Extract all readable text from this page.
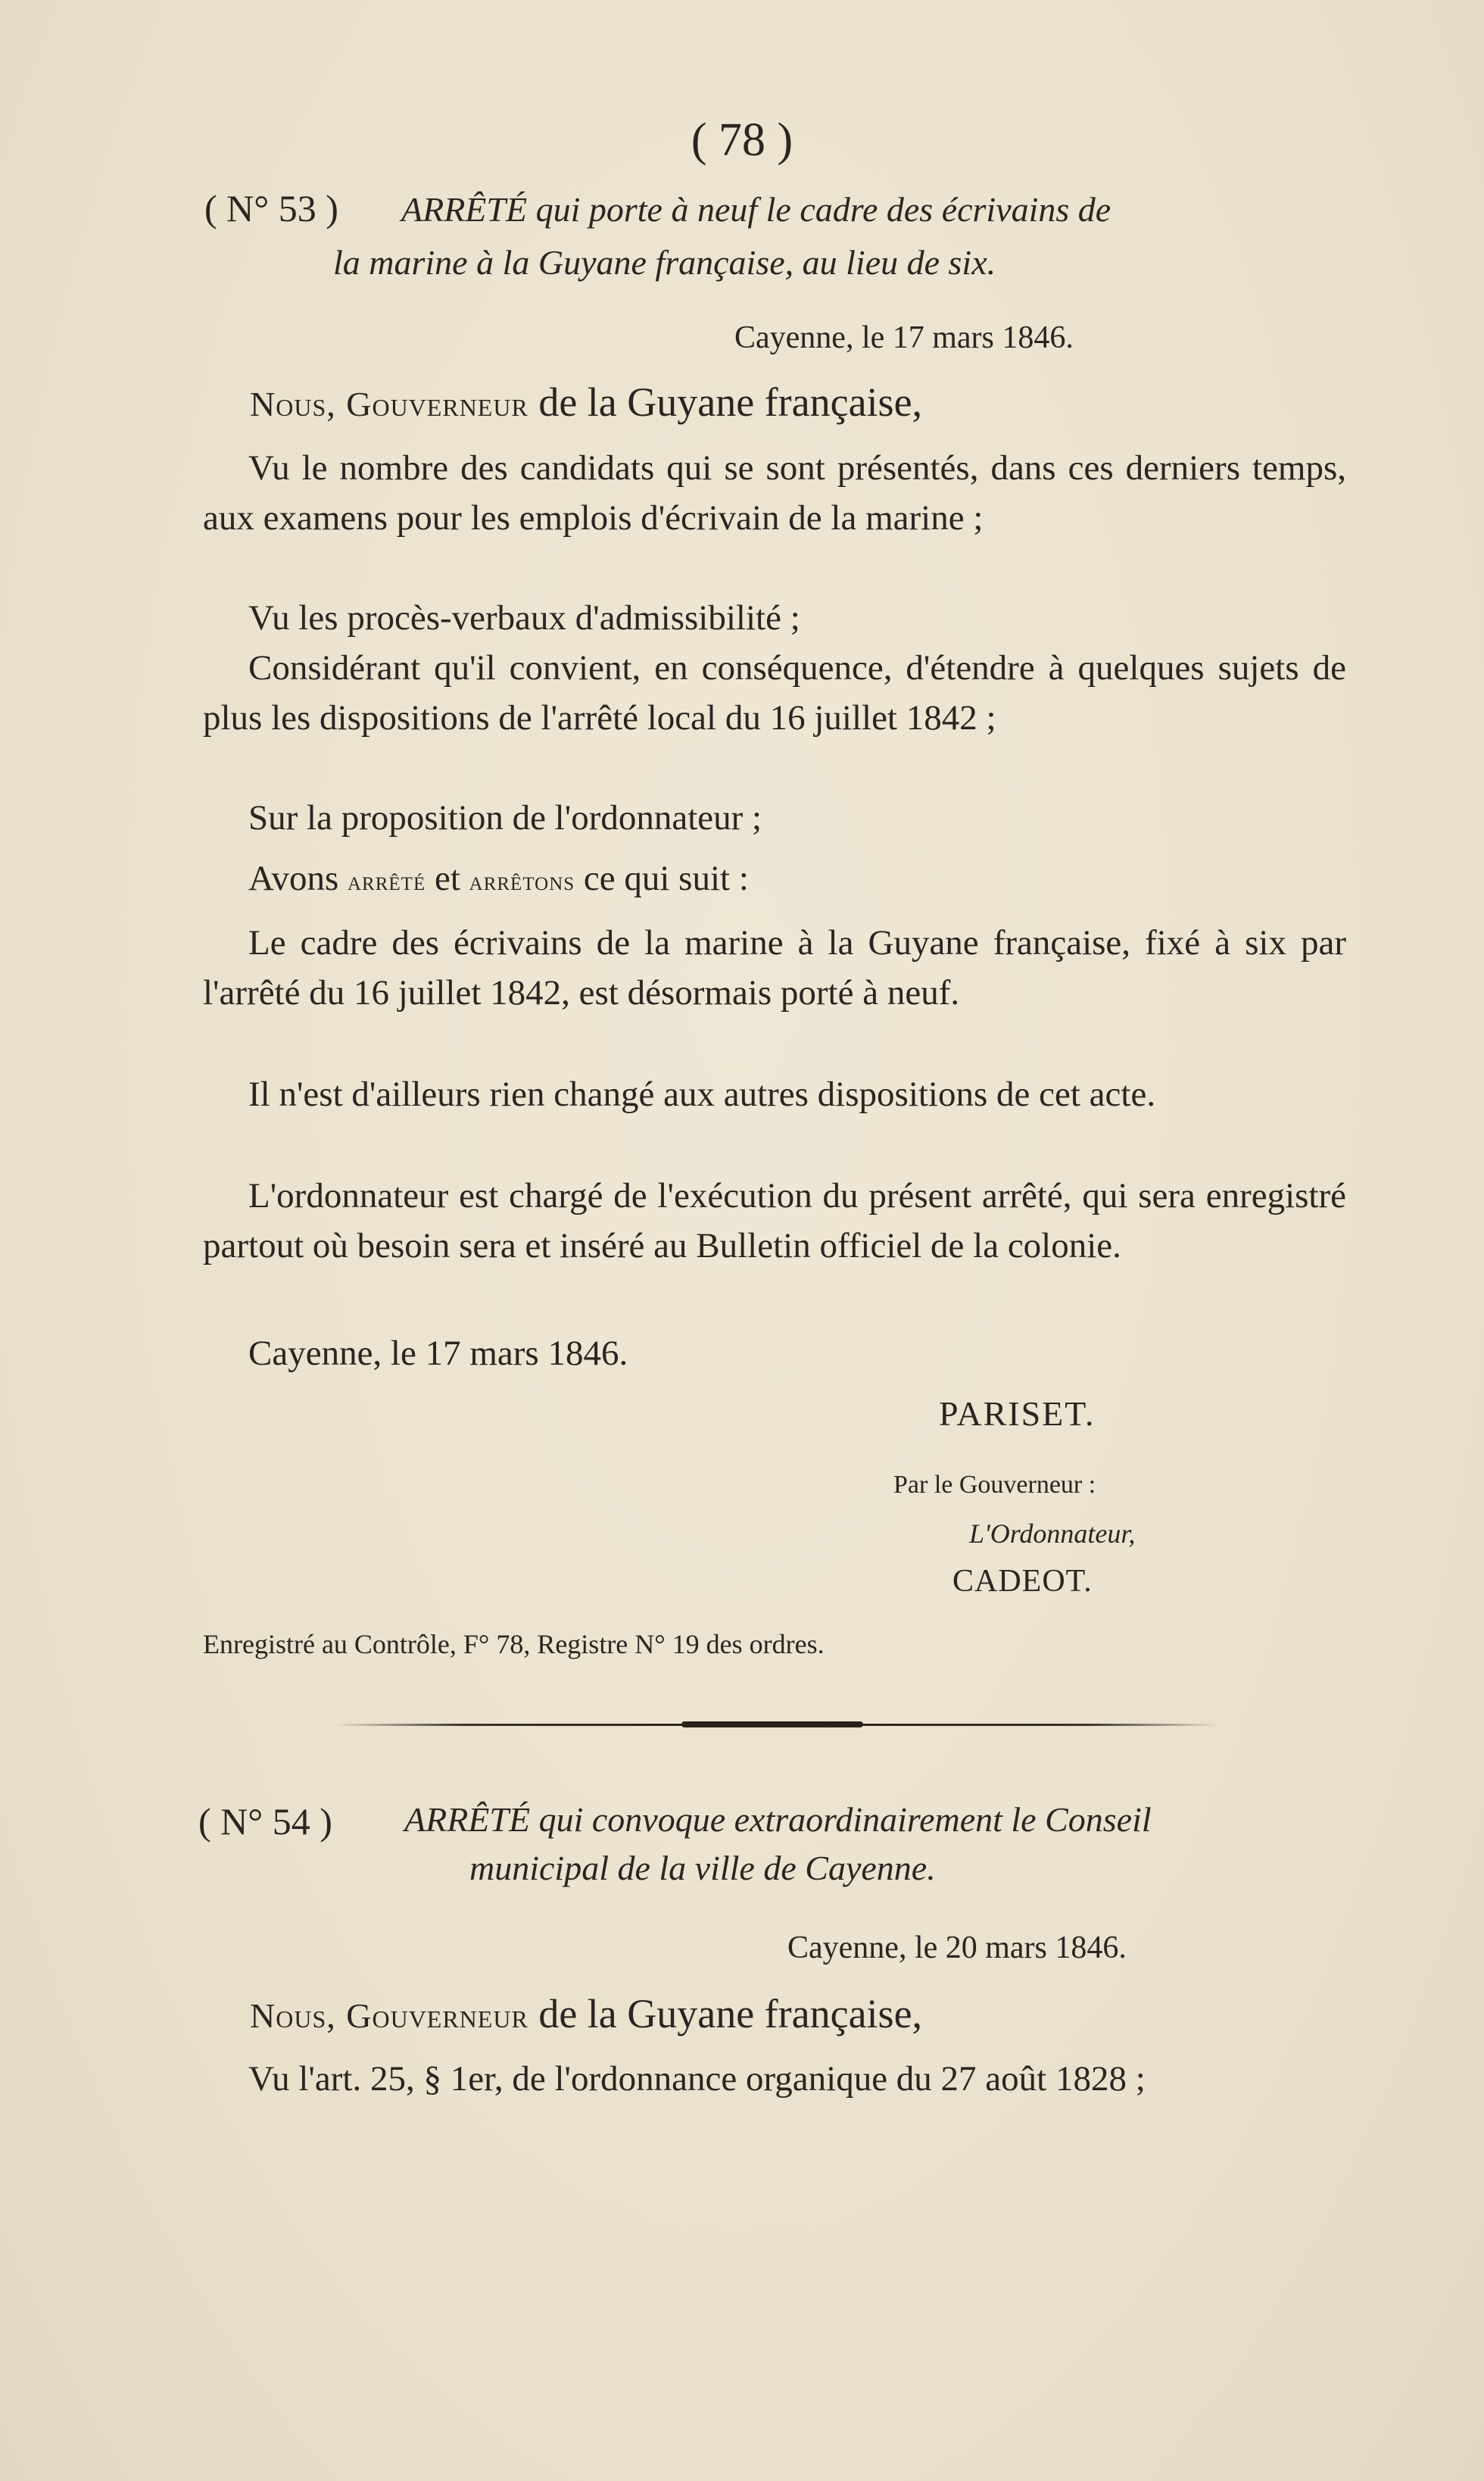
( 78 )
( N° 53 ) ARRÊTÉ qui porte à neuf le cadre des écrivains de
la marine à la Guyane française, au lieu de six.
Cayenne, le 17 mars 1846.
Nous, Gouverneur de la Guyane française,
Vu le nombre des candidats qui se sont présentés, dans ces derniers temps, aux examens pour les emplois d'écrivain de la marine ;
Vu les procès-verbaux d'admissibilité ;
Considérant qu'il convient, en conséquence, d'étendre à quelques sujets de plus les dispositions de l'arrêté local du 16 juillet 1842 ;
Sur la proposition de l'ordonnateur ;
Avons arrêté et arrêtons ce qui suit :
Le cadre des écrivains de la marine à la Guyane française, fixé à six par l'arrêté du 16 juillet 1842, est désormais porté à neuf.
Il n'est d'ailleurs rien changé aux autres dispositions de cet acte.
L'ordonnateur est chargé de l'exécution du présent arrêté, qui sera enregistré partout où besoin sera et inséré au Bulletin officiel de la colonie.
Cayenne, le 17 mars 1846.
PARISET.
Par le Gouverneur :
L'Ordonnateur,
CADEOT.
Enregistré au Contrôle, F° 78, Registre N° 19 des ordres.
( N° 54 ) ARRÊTÉ qui convoque extraordinairement le Conseil
municipal de la ville de Cayenne.
Cayenne, le 20 mars 1846.
Nous, Gouverneur de la Guyane française,
Vu l'art. 25, § 1er, de l'ordonnance organique du 27 août 1828 ;
